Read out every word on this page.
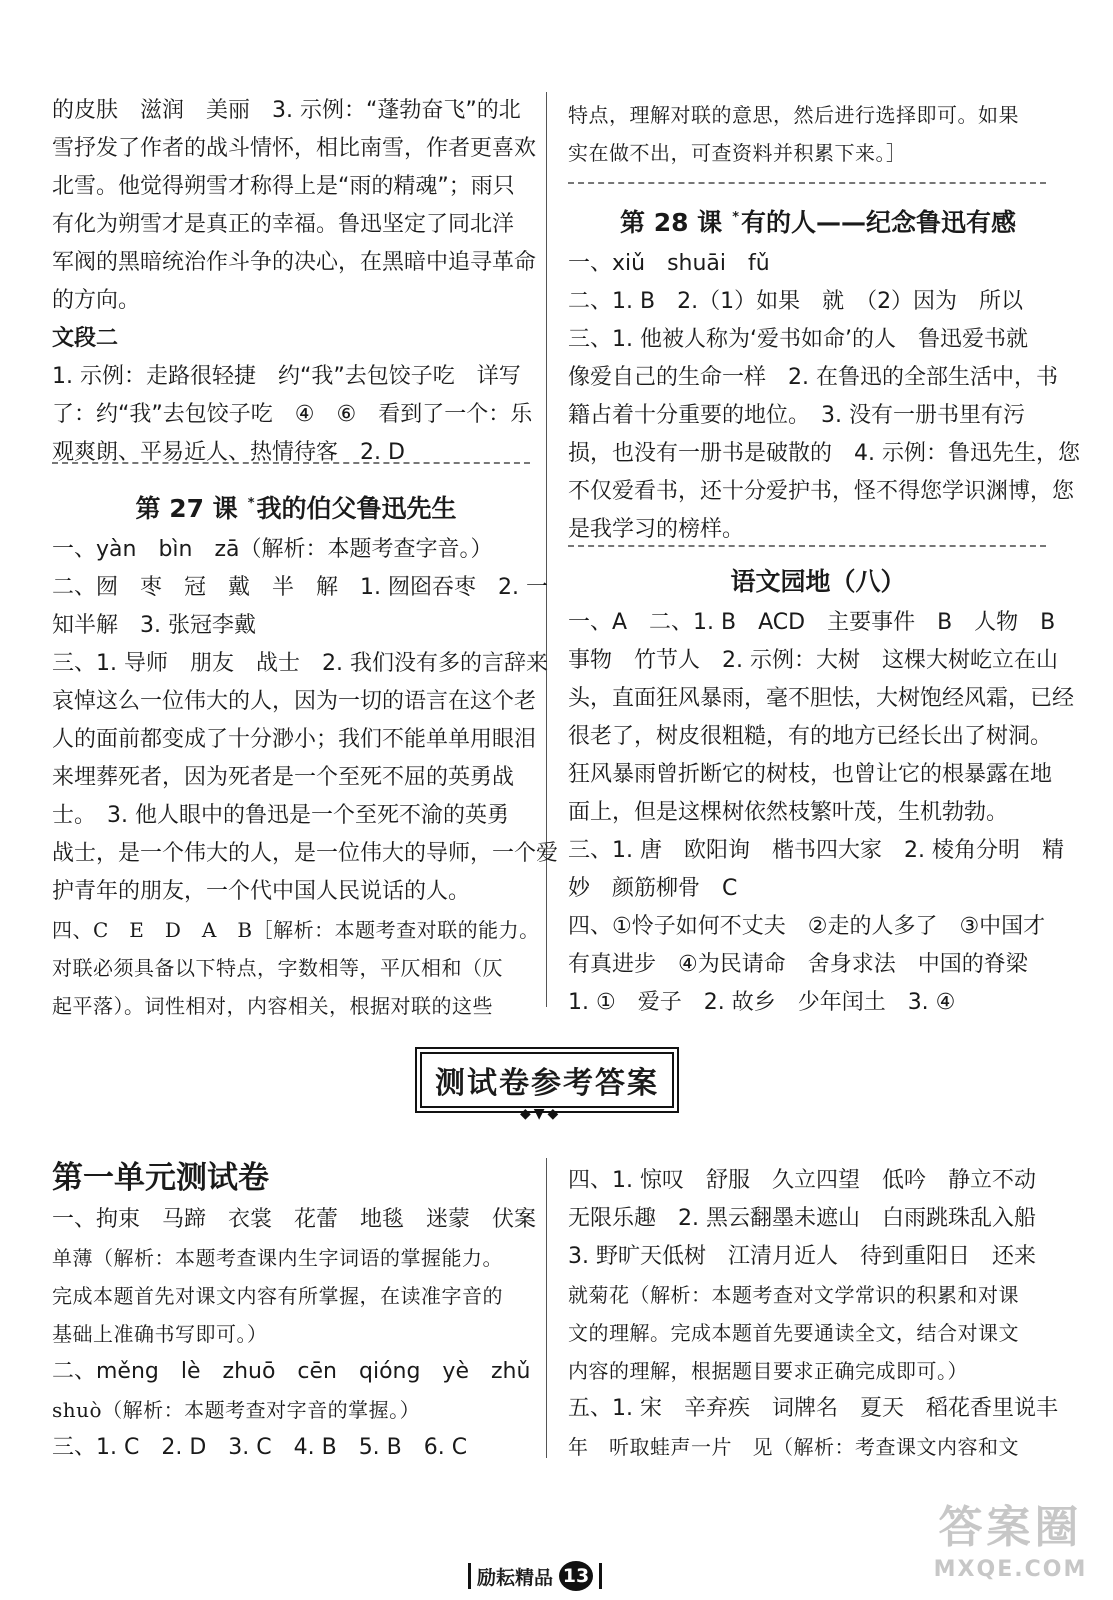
的皮肤　滋润　美丽　3. 示例：“蓬勃奋飞”的北

雪抒发了作者的战斗情怀，相比南雪，作者更喜欢

北雪。他觉得朔雪才称得上是“雨的精魂”；雨只

有化为朔雪才是真正的幸福。鲁迅坚定了同北洋

军阀的黑暗统治作斗争的决心，在黑暗中追寻革命

的方向。

文段二

1. 示例：走路很轻捷　约“我”去包饺子吃　详写

了：约“我”去包饺子吃　④　⑥　看到了一个：乐

观爽朗、平易近人、热情待客　2. D

第 27 课 *我的伯父鲁迅先生

一、yàn　bìn　zā（解析：本题考查字音。）

二、囫　枣　冠　戴　半　解　1. 囫囵吞枣　2. 一

知半解　3. 张冠李戴

三、1. 导师　朋友　战士　2. 我们没有多的言辞来

哀悼这么一位伟大的人，因为一切的语言在这个老

人的面前都变成了十分渺小；我们不能单单用眼泪

来埋葬死者，因为死者是一个至死不屈的英勇战

士。　3. 他人眼中的鲁迅是一个至死不渝的英勇

战士，是一个伟大的人，是一位伟大的导师，一个爱

护青年的朋友，一个代中国人民说话的人。

四、C　E　D　A　B［解析：本题考查对联的能力。

对联必须具备以下特点，字数相等，平仄相和（仄

起平落）。词性相对，内容相关，根据对联的这些

特点，理解对联的意思，然后进行选择即可。如果

实在做不出，可查资料并积累下来。］

第 28 课 *有的人——纪念鲁迅有感

一、xiǔ　shuāi　fǔ

二、1. B　2.（1）如果　就　（2）因为　所以

三、1. 他被人称为‘爱书如命’的人　鲁迅爱书就

像爱自己的生命一样　2. 在鲁迅的全部生活中，书

籍占着十分重要的地位。　3. 没有一册书里有污

损，也没有一册书是破散的　4. 示例：鲁迅先生，您

不仅爱看书，还十分爱护书，怪不得您学识渊博，您

是我学习的榜样。

语文园地（八）

一、A　二、1. B　ACD　主要事件　B　人物　B

事物　竹节人　2. 示例：大树　这棵大树屹立在山

头，直面狂风暴雨，毫不胆怯，大树饱经风霜，已经

很老了，树皮很粗糙，有的地方已经长出了树洞。

狂风暴雨曾折断它的树枝，也曾让它的根暴露在地

面上，但是这棵树依然枝繁叶茂，生机勃勃。

三、1. 唐　欧阳询　楷书四大家　2. 棱角分明　精

妙　颜筋柳骨　C

四、①怜子如何不丈夫　②走的人多了　③中国才

有真进步　④为民请命　舍身求法　中国的脊梁

1. ①　爱子　2. 故乡　少年闰土　3. ④

测试卷参考答案
◆▼◆
第一单元测试卷

一、拘束　马蹄　衣裳　花蕾　地毯　迷蒙　伏案

单薄（解析：本题考查课内生字词语的掌握能力。

完成本题首先对课文内容有所掌握，在读准字音的

基础上准确书写即可。）

二、měng　lè　zhuō　cēn　qióng　yè　zhǔ

shuò（解析：本题考查对字音的掌握。）

三、1. C　2. D　3. C　4. B　5. B　6. C

四、1. 惊叹　舒服　久立四望　低吟　静立不动

无限乐趣　2. 黑云翻墨未遮山　白雨跳珠乱入船

3. 野旷天低树　江清月近人　待到重阳日　还来

就菊花（解析：本题考查对文学常识的积累和对课

文的理解。完成本题首先要通读全文，结合对课文

内容的理解，根据题目要求正确完成即可。）

五、1. 宋　辛弃疾　词牌名　夏天　稻花香里说丰

年　听取蛙声一片　见（解析：考查课文内容和文

励耘精品 13
答案圈
MXQE.COM
